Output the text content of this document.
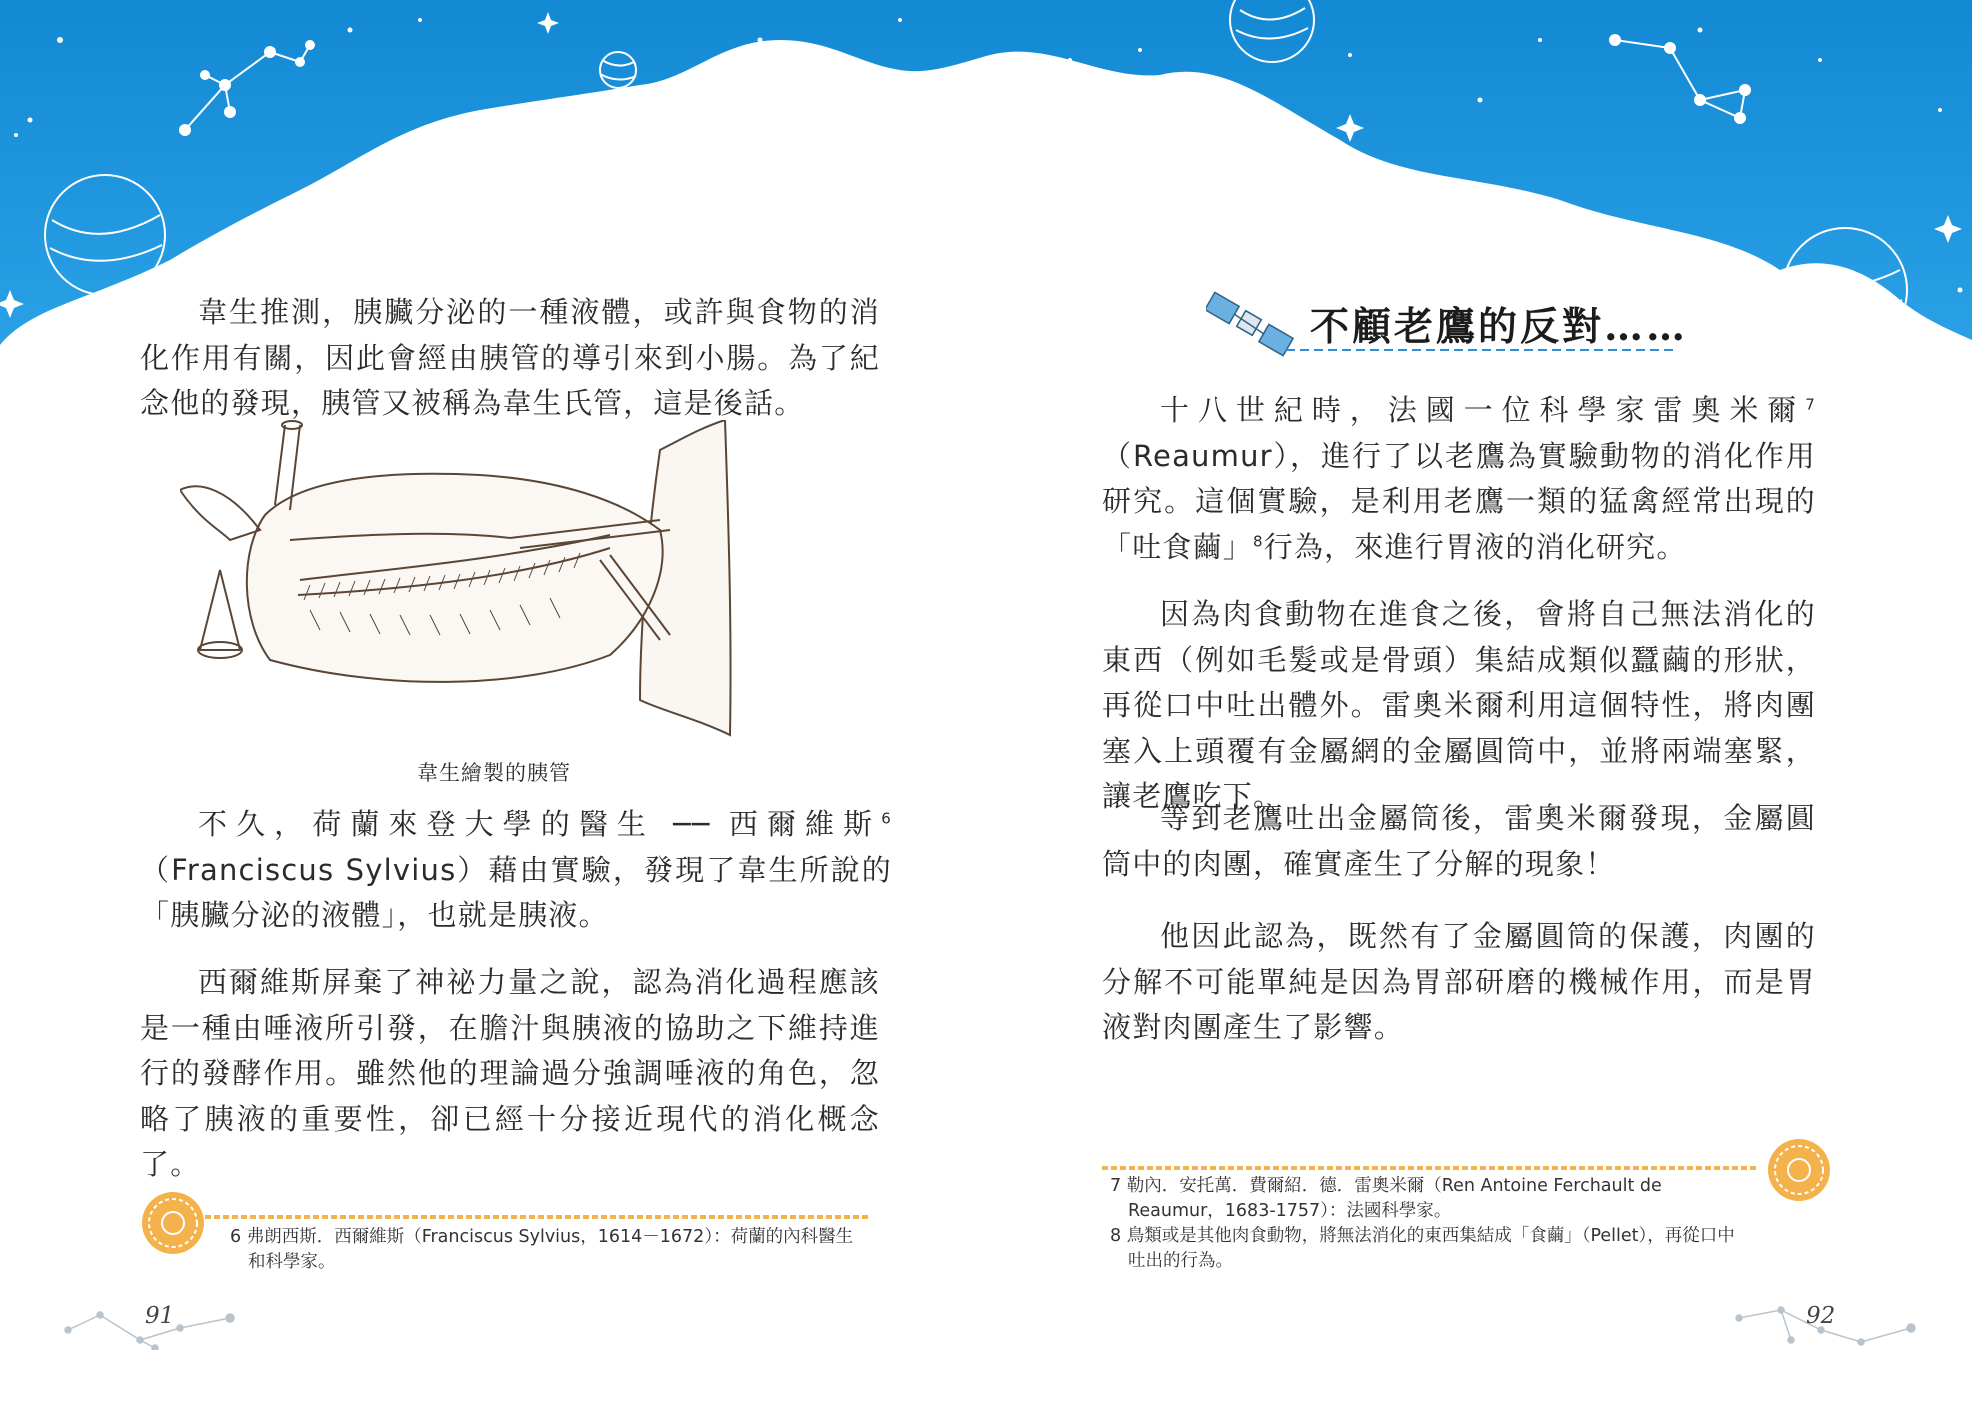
韋生推測，胰臟分泌的一種液體，或許與食物的消化作用有關，因此會經由胰管的導引來到小腸。為了紀念他的發現，胰管又被稱為韋生氏管，這是後話。

韋生繪製的胰管

不久，荷蘭來登大學的醫生 ── 西爾維斯$^6$（Franciscus Sylvius）藉由實驗，發現了韋生所說的「胰臟分泌的液體」，也就是胰液。

西爾維斯屏棄了神祕力量之說，認為消化過程應該是一種由唾液所引發，在膽汁與胰液的協助之下維持進行的發酵作用。雖然他的理論過分強調唾液的角色，忽略了胰液的重要性，卻已經十分接近現代的消化概念了。

6 弗朗西斯．西爾維斯（Franciscus Sylvius，1614－1672）：荷蘭的內科醫生和科學家。

91
不顧老鷹的反對……

十八世紀時，法國一位科學家雷奧米爾$^7$（Reaumur），進行了以老鷹為實驗動物的消化作用研究。這個實驗，是利用老鷹一類的猛禽經常出現的「吐食繭」$^8$行為，來進行胃液的消化研究。

因為肉食動物在進食之後，會將自己無法消化的東西（例如毛髮或是骨頭）集結成類似蠶繭的形狀，再從口中吐出體外。雷奧米爾利用這個特性，將肉團塞入上頭覆有金屬網的金屬圓筒中，並將兩端塞緊，讓老鷹吃下。

等到老鷹吐出金屬筒後，雷奧米爾發現，金屬圓筒中的肉團，確實產生了分解的現象！

他因此認為，既然有了金屬圓筒的保護，肉團的分解不可能單純是因為胃部研磨的機械作用，而是胃液對肉團產生了影響。

7 勒內．安托萬．費爾紹．德．雷奧米爾（Ren Antoine Ferchault de Reaumur，1683-1757）：法國科學家。

8 鳥類或是其他肉食動物，將無法消化的東西集結成「食繭」（Pellet），再從口中吐出的行為。

92
